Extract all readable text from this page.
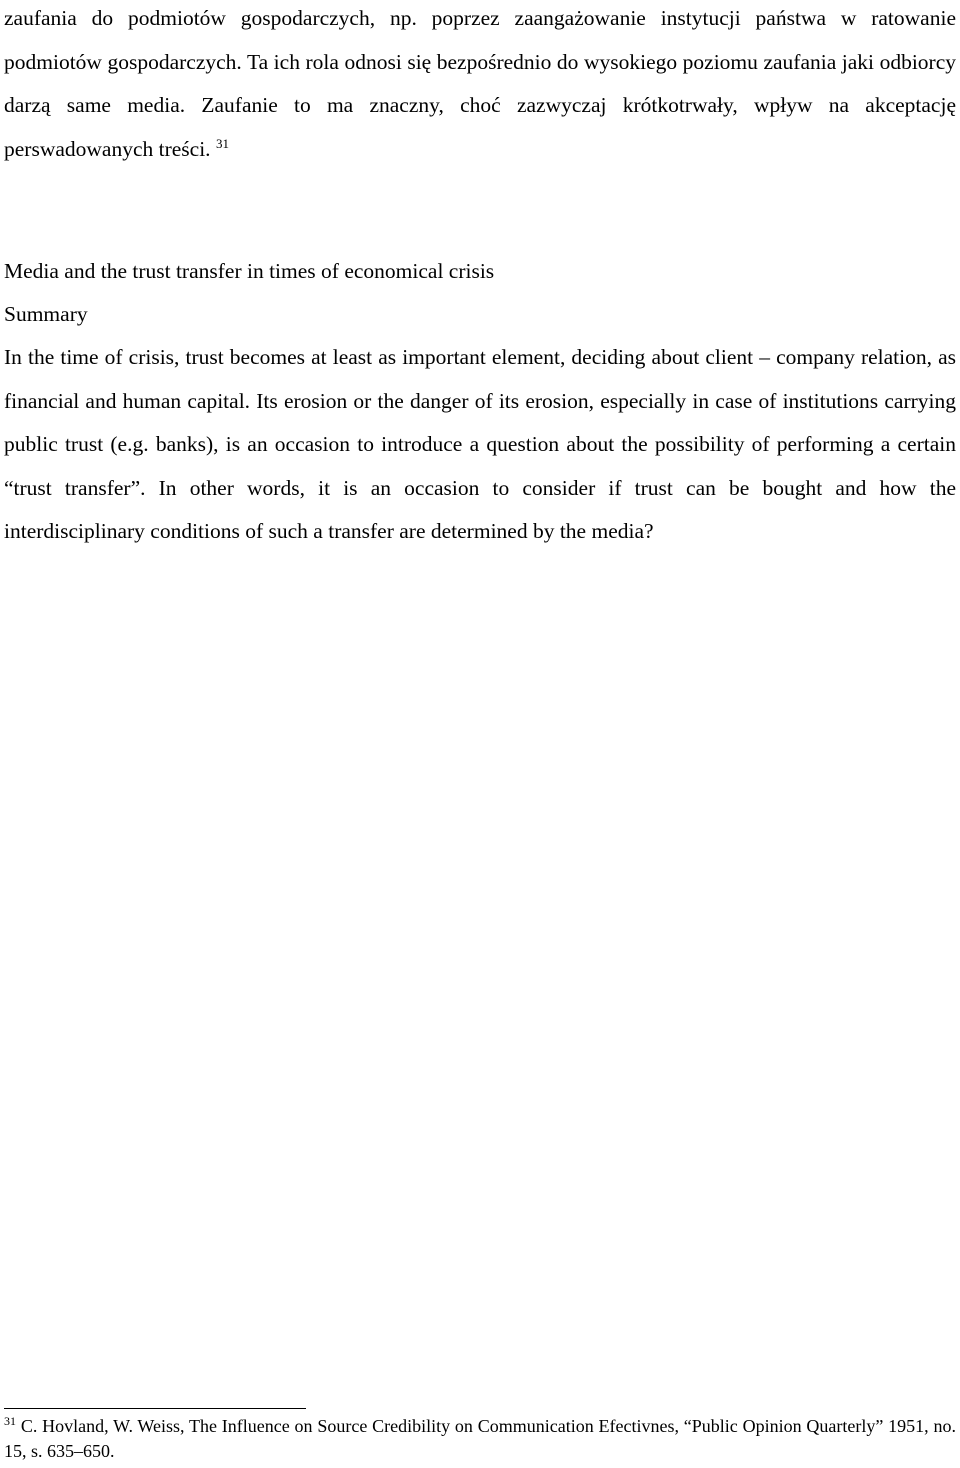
zaufania do podmiotów gospodarczych, np. poprzez zaangażowanie instytucji państwa w ratowanie podmiotów gospodarczych. Ta ich rola odnosi się bezpośrednio do wysokiego poziomu zaufania jaki odbiorcy darzą same media. Zaufanie to ma znaczny, choć zazwyczaj krótkotrwały, wpływ na akceptację perswadowanych treści. $^{31}$

Media and the trust transfer in times of economical crisis

Summary

In the time of crisis, trust becomes at least as important element, deciding about client – company relation, as financial and human capital. Its erosion or the danger of its erosion, especially in case of institutions carrying public trust (e.g. banks), is an occasion to introduce a question about the possibility of performing a certain “trust transfer”. In other words, it is an occasion to consider if trust can be bought and how the interdisciplinary conditions of such a transfer are determined by the media?

$^{31}$ C. Hovland, W. Weiss, The Influence on Source Credibility on Communication Efectivnes, “Public Opinion Quarterly” 1951, no. 15, s. 635–650.
